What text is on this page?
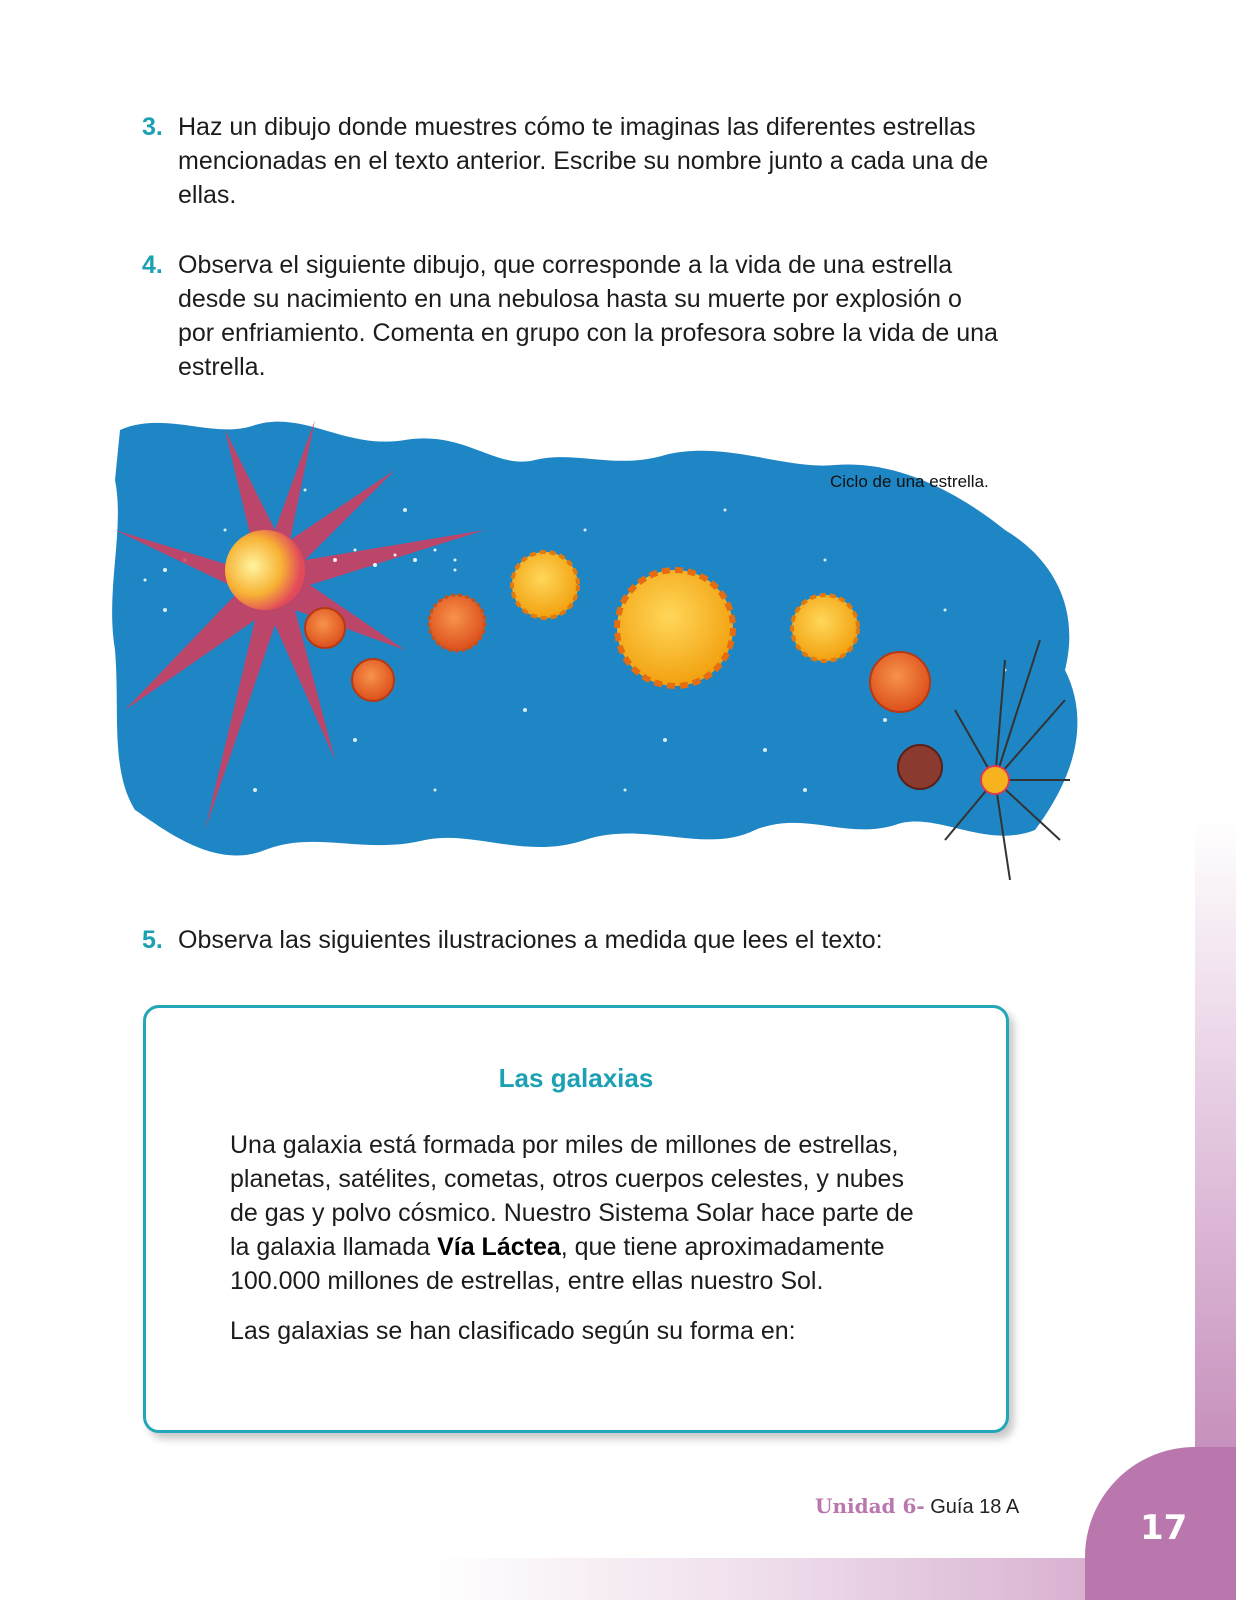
3. Haz un dibujo donde muestres cómo te imaginas las diferentes estrellas mencionadas en el texto anterior. Escribe su nombre junto a cada una de ellas.
4. Observa el siguiente dibujo, que corresponde a la vida de una estrella desde su nacimiento en una nebulosa hasta su muerte por explosión o por enfriamiento. Comenta en grupo con la profesora sobre la vida de una estrella.
Ciclo de una estrella.
5. Observa las siguientes ilustraciones a medida que lees el texto:
Las galaxias

Una galaxia está formada por miles de millones de estrellas, planetas, satélites, cometas, otros cuerpos celestes, y nubes de gas y polvo cósmico. Nuestro Sistema Solar hace parte de la galaxia llamada Vía Láctea, que tiene aproximadamente 100.000 millones de estrellas, entre ellas nuestro Sol.

Las galaxias se han clasificado según su forma en:

17
Unidad 6- Guía 18 A
